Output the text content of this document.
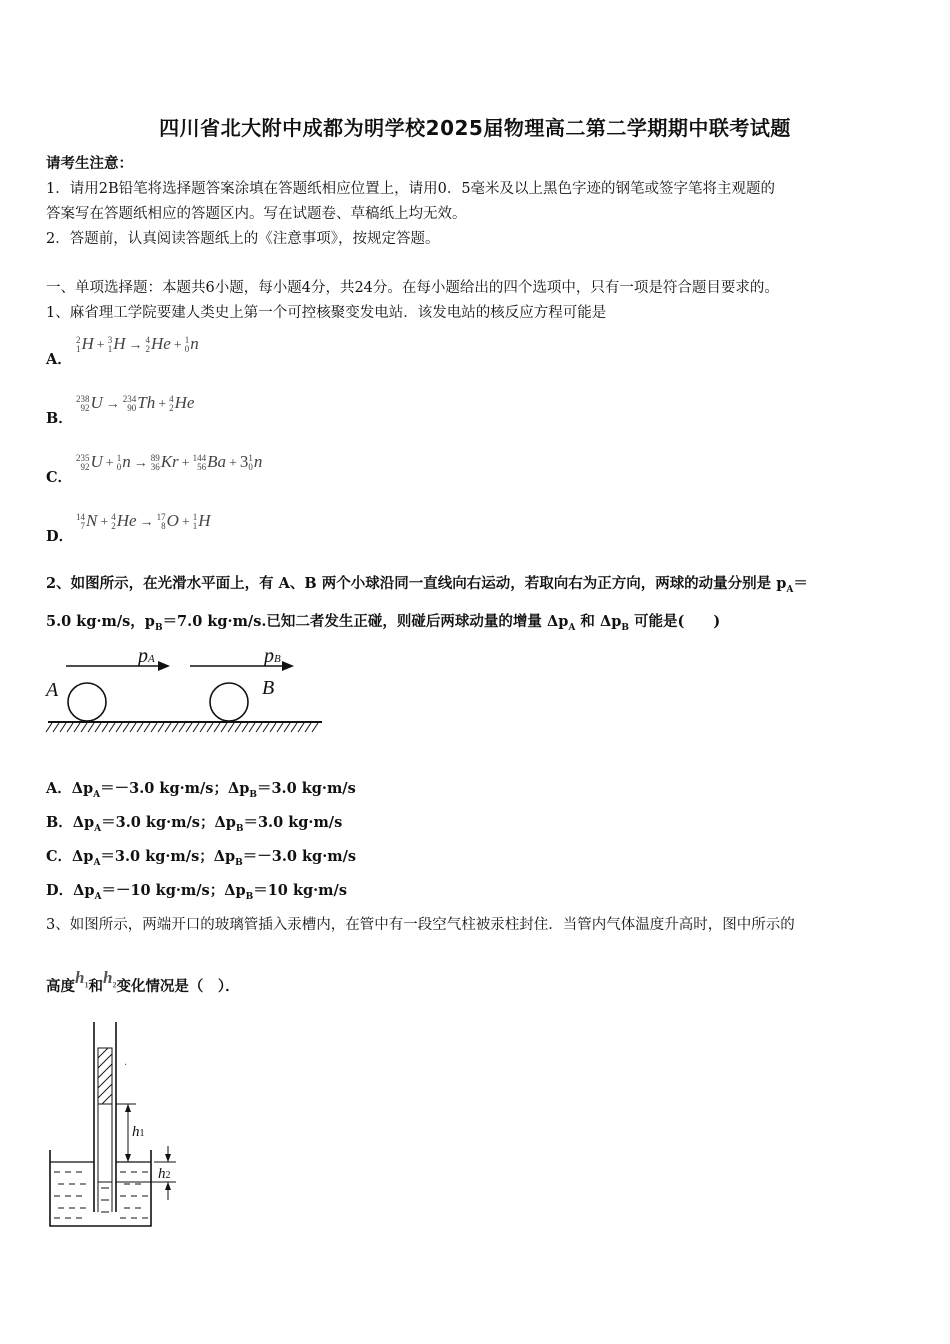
四川省北大附中成都为明学校2025届物理高二第二学期期中联考试题
请考生注意：
1．请用2B铅笔将选择题答案涂填在答题纸相应位置上，请用0．5毫米及以上黑色字迹的钢笔或签字笔将主观题的
答案写在答题纸相应的答题区内。写在试题卷、草稿纸上均无效。
2．答题前，认真阅读答题纸上的《注意事项》，按规定答题。
一、单项选择题：本题共6小题，每小题4分，共24分。在每小题给出的四个选项中，只有一项是符合题目要求的。
1、麻省理工学院要建人类史上第一个可控核聚变发电站．该发电站的核反应方程可能是
A．
2
1 H + 3
1 H → 4
2 He + 1
0 n
B．
238
92 U → 234
90 Th + 4
2 He
C．
235
92 U + 1
0 n → 89
36 Kr + 144
56 Ba + 3 1
0 n
D．
14
7 N + 4
2 He → 17
8 O + 1
1 H
2、如图所示，在光滑水平面上，有 A、B 两个小球沿同一直线向右运动，若取向右为正方向，两球的动量分别是 $p_A=$
5.0 kg·m/s，$p_B=7.0$ kg·m/s.已知二者发生正碰，则碰后两球动量的增量 $\Delta p_A$ 和 $\Delta p_B$ 可能是(　　)
pA	pB
A	B
A．$\Delta p_A=-3.0$ kg·m/s；$\Delta p_B=3.0$ kg·m/s
B．$\Delta p_A=3.0$ kg·m/s；$\Delta p_B=3.0$ kg·m/s
C．$\Delta p_A=3.0$ kg·m/s；$\Delta p_B=-3.0$ kg·m/s
D．$\Delta p_A=-10$ kg·m/s；$\Delta p_B=10$ kg·m/s
3、如图所示，两端开口的玻璃管插入汞槽内，在管中有一段空气柱被汞柱封住．当管内气体温度升高时，图中所示的
高度$h_1$和$h_2$变化情况是（　）．
h1
·
h2
